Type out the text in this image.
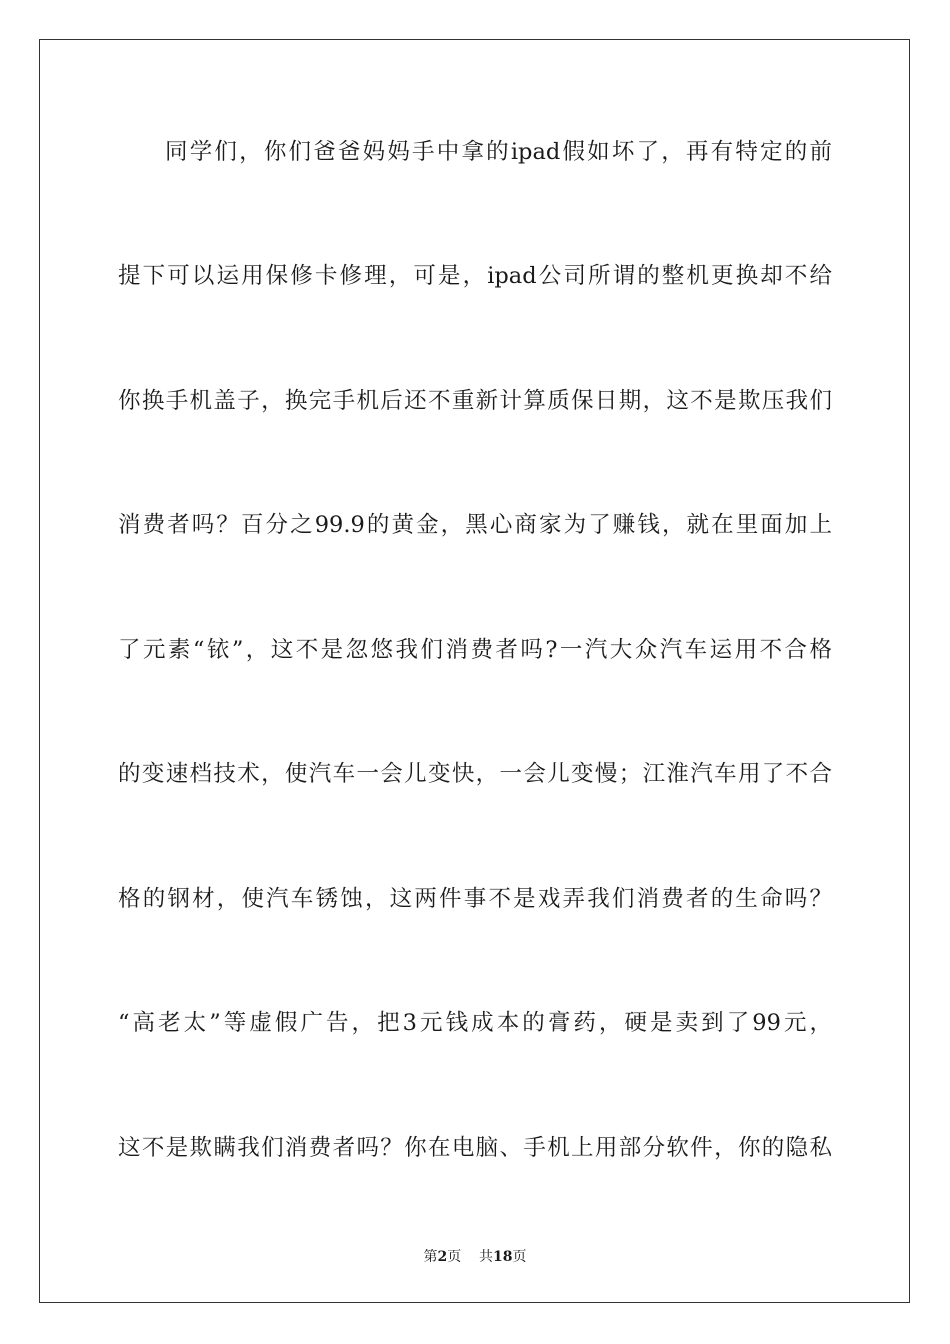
同学们，你们爸爸妈妈手中拿的ipad假如坏了，再有特定的前
提下可以运用保修卡修理，可是，ipad公司所谓的整机更换却不给
你换手机盖子，换完手机后还不重新计算质保日期，这不是欺压我们
消费者吗？百分之99.9的黄金，黑心商家为了赚钱，就在里面加上
了元素“铱”，这不是忽悠我们消费者吗?一汽大众汽车运用不合格
的变速档技术，使汽车一会儿变快，一会儿变慢；江淮汽车用了不合
格的钢材，使汽车锈蚀，这两件事不是戏弄我们消费者的生命吗？
“高老太”等虚假广告，把3元钱成本的膏药，硬是卖到了99元，
这不是欺瞒我们消费者吗？你在电脑、手机上用部分软件，你的隐私
第2页 共18页
